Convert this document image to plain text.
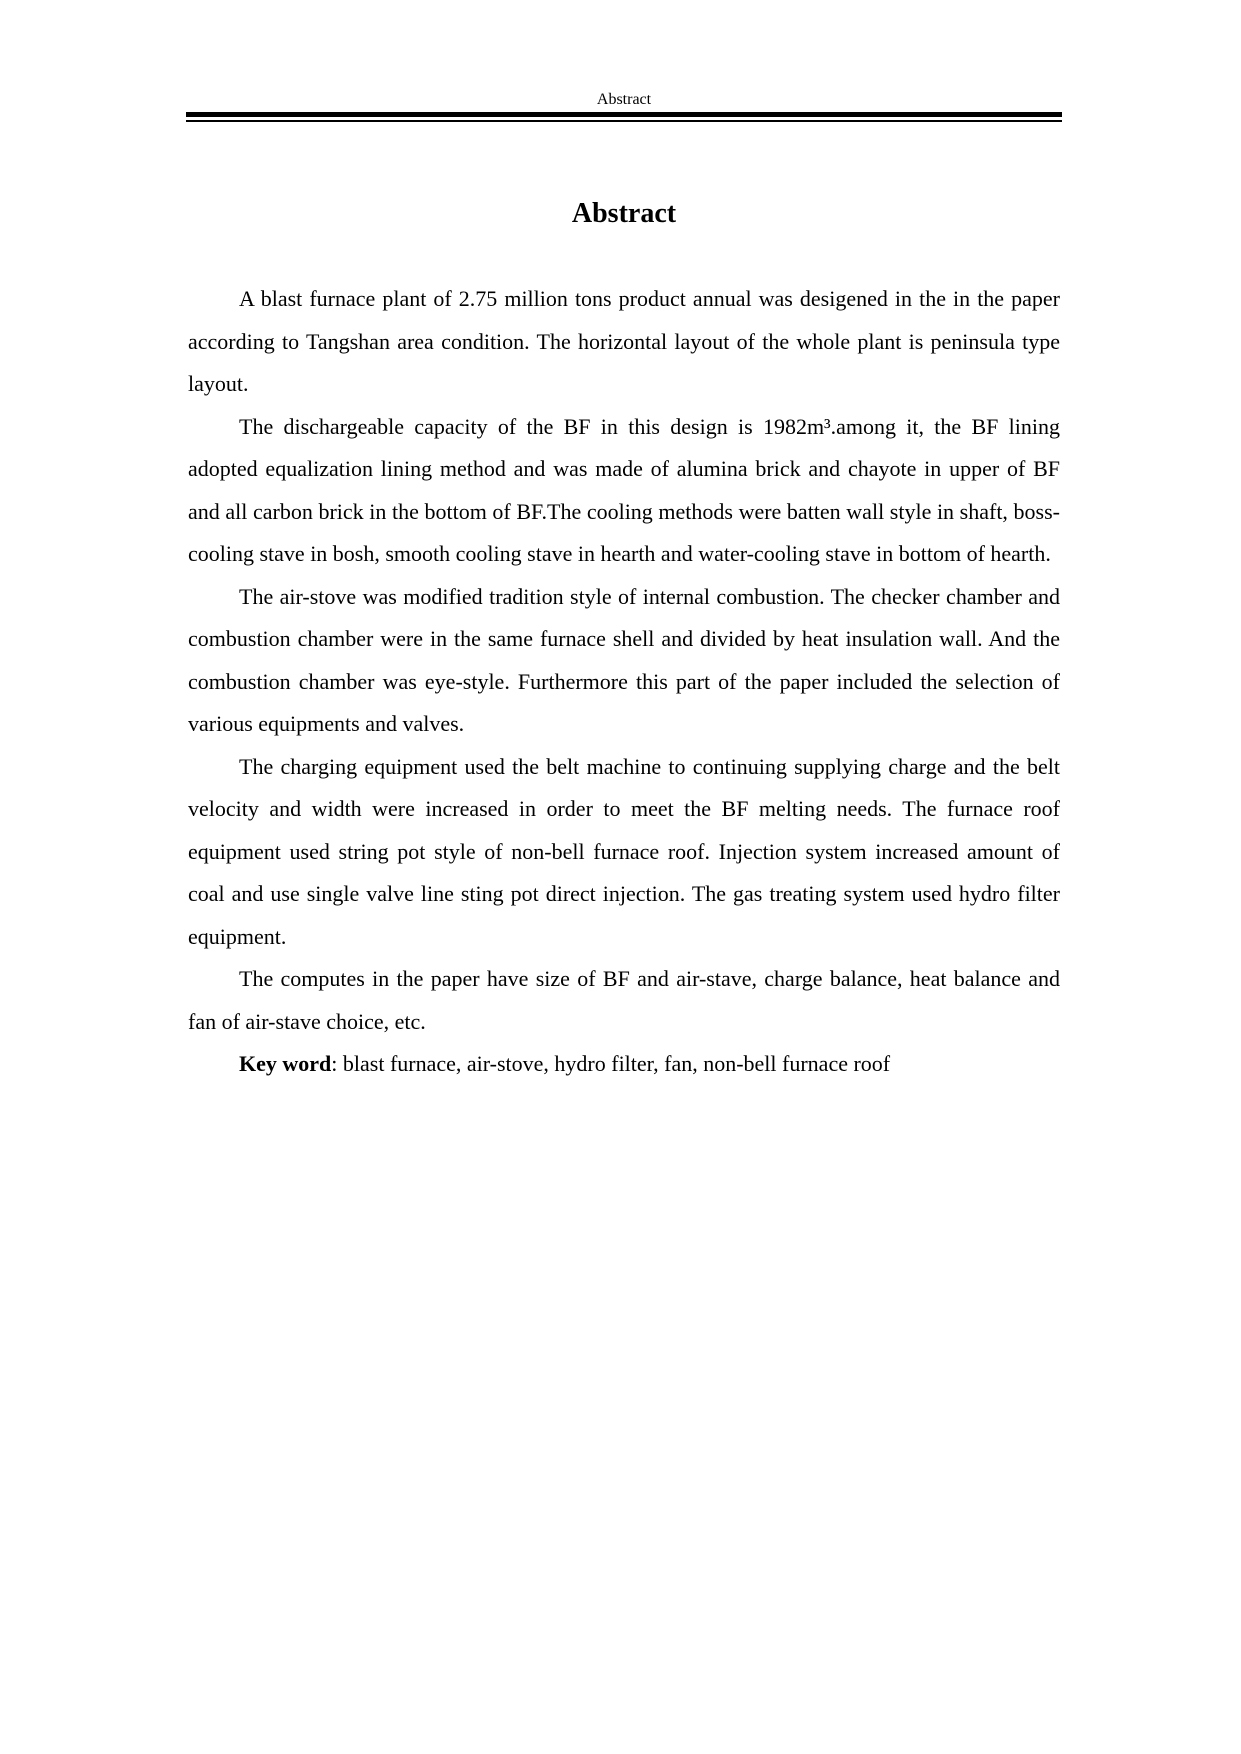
Abstract
Abstract

A blast furnace plant of 2.75 million tons product annual was desigened in the in the paper according to Tangshan area condition. The horizontal layout of the whole plant is peninsula type layout.

The dischargeable capacity of the BF in this design is 1982m³.among it, the BF lining adopted equalization lining method and was made of alumina brick and chayote in upper of BF and all carbon brick in the bottom of BF.The cooling methods were batten wall style in shaft, boss-cooling stave in bosh, smooth cooling stave in hearth and water-cooling stave in bottom of hearth.

The air-stove was modified tradition style of internal combustion. The checker chamber and combustion chamber were in the same furnace shell and divided by heat insulation wall. And the combustion chamber was eye-style. Furthermore this part of the paper included the selection of various equipments and valves.

The charging equipment used the belt machine to continuing supplying charge and the belt velocity and width were increased in order to meet the BF melting needs. The furnace roof equipment used string pot style of non-bell furnace roof. Injection system increased amount of coal and use single valve line sting pot direct injection. The gas treating system used hydro filter equipment.

The computes in the paper have size of BF and air-stave, charge balance, heat balance and fan of air-stave choice, etc.

Key word: blast furnace, air-stove, hydro filter, fan, non-bell furnace roof
